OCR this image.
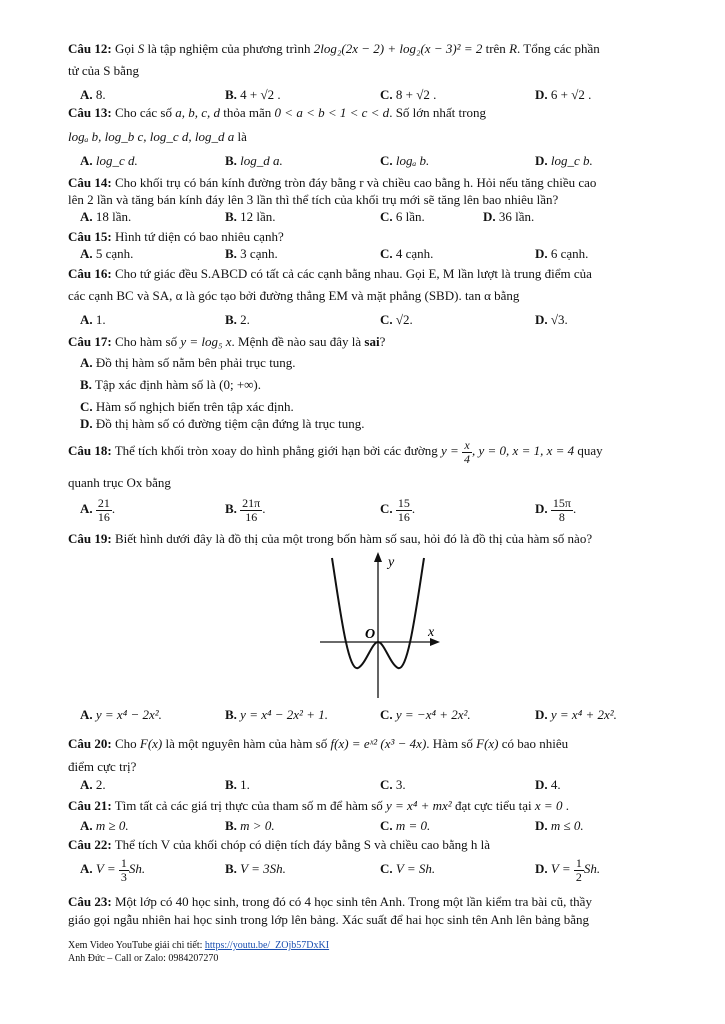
Câu 12: Gọi S là tập nghiệm của phương trình 2log₂(2x − 2) + log₂(x − 3)² = 2 trên R. Tổng các phần
tử của S bằng
A. 8.	B. 4 + √2 .	C. 8 + √2 .	D. 6 + √2 .
Câu 13: Cho các số a, b, c, d thỏa mãn 0 < a < b < 1 < c < d. Số lớn nhất trong
logₐ b, log_b c, log_c d, log_d a là
A. log_c d.	B. log_d a.	C. logₐ b.	D. log_c b.
Câu 14: Cho khối trụ có bán kính đường tròn đáy bằng r và chiều cao bằng h. Hỏi nếu tăng chiều cao
lên 2 lần và tăng bán kính đáy lên 3 lần thì thể tích của khối trụ mới sẽ tăng lên bao nhiêu lần?
A. 18 lần.	B. 12 lần.	C. 6 lần.	D. 36 lần.
Câu 15: Hình tứ diện có bao nhiêu cạnh?
A. 5 cạnh.	B. 3 cạnh.	C. 4 cạnh.	D. 6 cạnh.
Câu 16: Cho tứ giác đều S.ABCD có tất cả các cạnh bằng nhau. Gọi E, M lần lượt là trung điểm của
các cạnh BC và SA, α là góc tạo bởi đường thẳng EM và mặt phẳng (SBD). tan α bằng
A. 1.	B. 2.	C. √2.	D. √3.
Câu 17: Cho hàm số y = log₅ x. Mệnh đề nào sau đây là sai?
A. Đồ thị hàm số nằm bên phải trục tung.
B. Tập xác định hàm số là (0; +∞).
C. Hàm số nghịch biến trên tập xác định.
D. Đồ thị hàm số có đường tiệm cận đứng là trục tung.
Câu 18: Thể tích khối tròn xoay do hình phẳng giới hạn bởi các đường $y = \frac{x}{4}$ , y = 0, x = 1, x = 4 quay
quanh trục Ox bằng
A. $\frac{21}{16}$ .	B. $\frac{21\pi}{16}$ .	C. $\frac{15}{16}$ .	D. $\frac{15\pi}{8}$ .
Câu 19: Biết hình dưới đây là đồ thị của một trong bốn hàm số sau, hỏi đó là đồ thị của hàm số nào?
y
x
O
A. y = x⁴ − 2x².	B. y = x⁴ − 2x² + 1.	C. y = −x⁴ + 2x².	D. y = x⁴ + 2x².
Câu 20: Cho F(x) là một nguyên hàm của hàm số f(x) = eˣ² (x³ − 4x). Hàm số F(x) có bao nhiêu
điểm cực trị?
A. 2.	B. 1.	C. 3.	D. 4.
Câu 21: Tìm tất cả các giá trị thực của tham số m để hàm số y = x⁴ + mx² đạt cực tiểu tại x = 0 .
A. m ≥ 0.	B. m > 0.	C. m = 0.	D. m ≤ 0.
Câu 22: Thể tích V của khối chóp có diện tích đáy bằng S và chiều cao bằng h là
A. $V = \frac{1}{3} Sh$.	B. V = 3Sh.	C. V = Sh.	D. $V = \frac{1}{2} Sh$.
Câu 23: Một lớp có 40 học sinh, trong đó có 4 học sinh tên Anh. Trong một lần kiểm tra bài cũ, thầy
giáo gọi ngẫu nhiên hai học sinh trong lớp lên bảng. Xác suất để hai học sinh tên Anh lên bảng bằng
Xem Video YouTube giải chi tiết: https://youtu.be/_ZOjb57DxKI
Anh Đức – Call or Zalo: 0984207270
